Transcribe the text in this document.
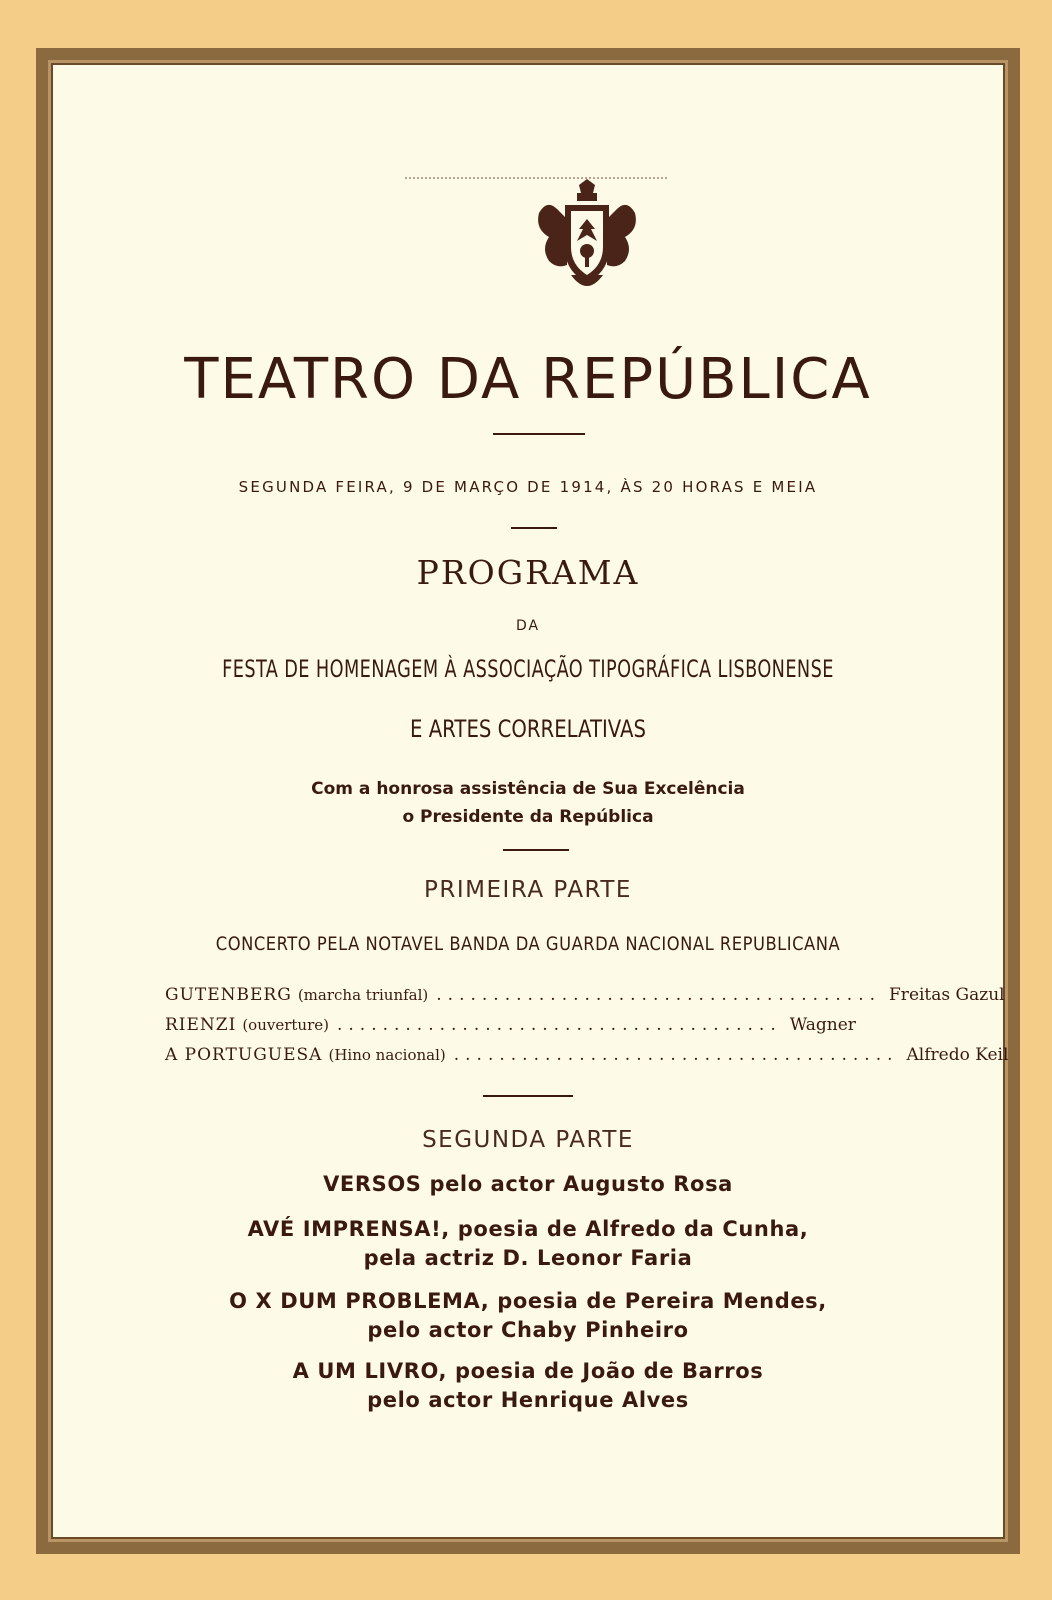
TEATRO DA REPÚBLICA
SEGUNDA FEIRA, 9 DE MARÇO DE 1914, ÀS 20 HORAS E MEIA
PROGRAMA
DA
FESTA DE HOMENAGEM À ASSOCIAÇÃO TIPOGRÁFICA LISBONENSE
E ARTES CORRELATIVAS
Com a honrosa assistência de Sua Excelência
o Presidente da República
PRIMEIRA PARTE
CONCERTO PELA NOTAVEL BANDA DA GUARDA NACIONAL REPUBLICANA
GUTENBERG (marcha triunfal) ....................................... Freitas Gazul
RIENZI (ouverture) ....................................... Wagner
A PORTUGUESA (Hino nacional) ....................................... Alfredo Keil
SEGUNDA PARTE
VERSOS pelo actor Augusto Rosa
AVÉ IMPRENSA!, poesia de Alfredo da Cunha,
pela actriz D. Leonor Faria
O X DUM PROBLEMA, poesia de Pereira Mendes,
pelo actor Chaby Pinheiro
A UM LIVRO, poesia de João de Barros
pelo actor Henrique Alves
